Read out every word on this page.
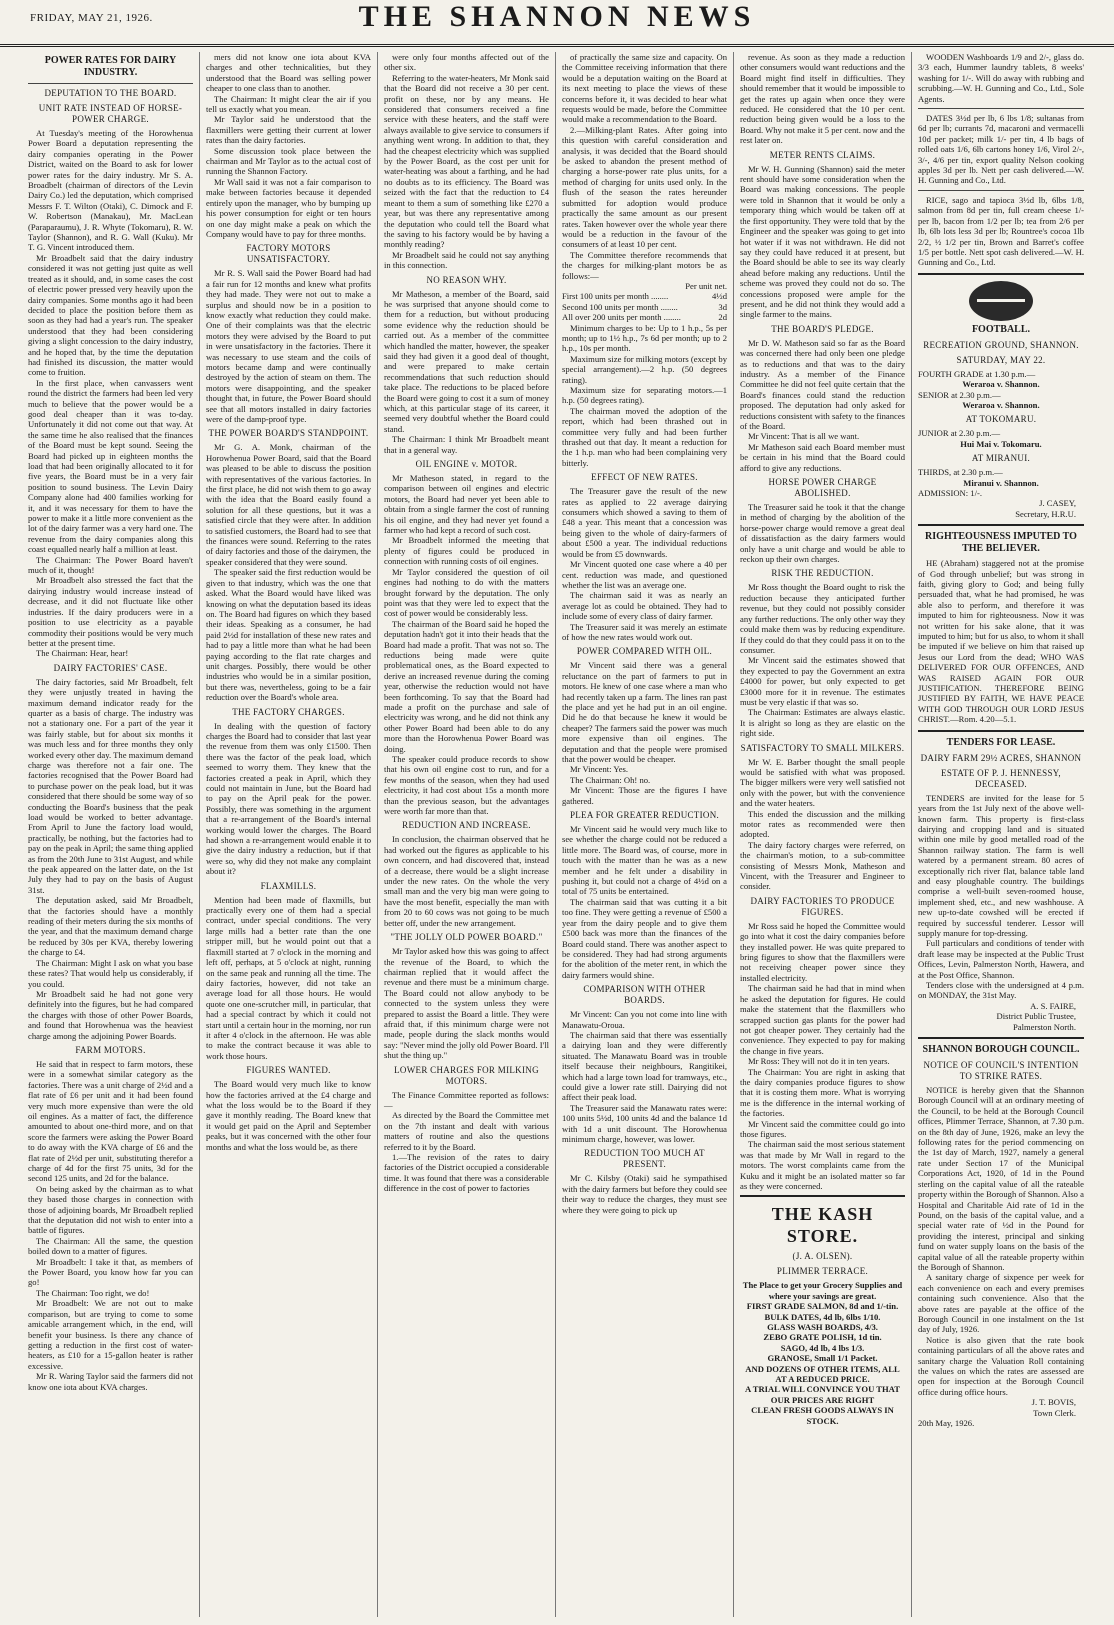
FRIDAY, MAY 21, 1926.	THE SHANNON NEWS
POWER RATES FOR DAIRY INDUSTRY.
DEPUTATION TO THE BOARD.
UNIT RATE INSTEAD OF HORSE-POWER CHARGE.

At Tuesday's meeting of the Horowhenua Power Board a deputation representing the dairy companies operating in the Power District, waited on the Board to ask for lower power rates for the dairy industry. Mr S. A. Broadbelt (chairman of directors of the Levin Dairy Co.) led the deputation, which comprised Messrs F. T. Wilton (Otaki), C. Dimock and F. W. Robertson (Manakau), Mr. MacLean (Paraparaumu), J. R. Whyte (Tokomaru), R. W. Taylor (Shannon), and R. G. Wall (Kuku). Mr T. G. Vincent introduced them.

Mr Broadbelt said that the dairy industry considered it was not getting just quite as well treated as it should, and, in some cases the cost of electric power pressed very heavily upon the dairy companies. Some months ago it had been decided to place the position before them as soon as they had had a year's run. The speaker understood that they had been considering giving a slight concession to the dairy industry, and he hoped that, by the time the deputation had finished its discussion, the matter would come to fruition.

In the first place, when canvassers went round the district the farmers had been led very much to believe that the power would be a good deal cheaper than it was to-day. Unfortunately it did not come out that way. At the same time he also realised that the finances of the Board must be kept sound. Seeing the Board had picked up in eighteen months the load that had been originally allocated to it for five years, the Board must be in a very fair position to sound business. The Levin Dairy Company alone had 400 families working for it, and it was necessary for them to have the power to make it a little more convenient as the lot of the dairy farmer was a very hard one. The revenue from the dairy companies along this coast equalled nearly half a million at least.

The Chairman: The Power Board haven't much of it, though!

Mr Broadbelt also stressed the fact that the dairying industry would increase instead of decrease, and it did not fluctuate like other industries. If the dairy producers were in a position to use electricity as a payable commodity their positions would be very much better at the present time.

The Chairman: Hear, hear!

DAIRY FACTORIES' CASE.

The dairy factories, said Mr Broadbelt, felt they were unjustly treated in having the maximum demand indicator ready for the quarter as a basis of charge. The industry was not a stationary one. For a part of the year it was fairly stable, but for about six months it was much less and for three months they only worked every other day. The maximum demand charge was therefore not a fair one. The factories recognised that the Power Board had to purchase power on the peak load, but it was considered that there should be some way of so conducting the Board's business that the peak load would be worked to better advantage. From April to June the factory load would, practically, be nothing, but the factories had to pay on the peak in April; the same thing applied as from the 20th June to 31st August, and while the peak appeared on the latter date, on the 1st July they had to pay on the basis of August 31st.

The deputation asked, said Mr Broadbelt, that the factories should have a monthly reading of their meters during the six months of the year, and that the maximum demand charge be reduced by 30s per KVA, thereby lowering the charge to £4.

The Chairman: Might I ask on what you base these rates? That would help us considerably, if you could.

Mr Broadbelt said he had not gone very definitely into the figures, but he had compared the charges with those of other Power Boards, and found that Horowhenua was the heaviest charge among the adjoining Power Boards.

FARM MOTORS.

He said that in respect to farm motors, these were in a somewhat similar category as the factories. There was a unit charge of 2½d and a flat rate of £6 per unit and it had been found very much more expensive than were the old oil engines. As a matter of fact, the difference amounted to about one-third more, and on that score the farmers were asking the Power Board to do away with the KVA charge of £6 and the flat rate of 2½d per unit, substituting therefor a charge of 4d for the first 75 units, 3d for the second 125 units, and 2d for the balance.

On being asked by the chairman as to what they based those charges in connection with those of adjoining boards, Mr Broadbelt replied that the deputation did not wish to enter into a battle of figures.

The Chairman: All the same, the question boiled down to a matter of figures.

Mr Broadbelt: I take it that, as members of the Power Board, you know how far you can go!

The Chairman: Too right, we do!

Mr Broadbelt: We are not out to make comparison, but are trying to come to some amicable arrangement which, in the end, will benefit your business. Is there any chance of getting a reduction in the first cost of water-heaters, as £10 for a 15-gallon heater is rather excessive.

Mr R. Waring Taylor said the farmers did not know one iota about KVA charges.

mers did not know one iota about KVA charges and other technicalities, but they understood that the Board was selling power cheaper to one class than to another.

The Chairman: It might clear the air if you tell us exactly what you mean.

Mr Taylor said he understood that the flaxmillers were getting their current at lower rates than the dairy factories.

Some discussion took place between the chairman and Mr Taylor as to the actual cost of running the Shannon Factory.

Mr Wall said it was not a fair comparison to make between factories because it depended entirely upon the manager, who by bumping up his power consumption for eight or ten hours on one day might make a peak on which the Company would have to pay for three months.

FACTORY MOTORS UNSATISFACTORY.

Mr R. S. Wall said the Power Board had had a fair run for 12 months and knew what profits they had made. They were not out to make a surplus and should now be in a position to know exactly what reduction they could make. One of their complaints was that the electric motors they were advised by the Board to put in were unsatisfactory in the factories. There it was necessary to use steam and the coils of motors became damp and were continually destroyed by the action of steam on them. The motors were disappointing, and the speaker thought that, in future, the Power Board should see that all motors installed in dairy factories were of the damp-proof type.

THE POWER BOARD'S STANDPOINT.

Mr G. A. Monk, chairman of the Horowhenua Power Board, said that the Board was pleased to be able to discuss the position with representatives of the various factories. In the first place, he did not wish them to go away with the idea that the Board easily found a solution for all these questions, but it was a satisfied circle that they were after. In addition to satisfied customers, the Board had to see that the finances were sound. Referring to the rates of dairy factories and those of the dairymen, the speaker considered that they were sound.

The speaker said the first reduction would be given to that industry, which was the one that asked. What the Board would have liked was knowing on what the deputation based its ideas on. The Board had figures on which they based their ideas. Speaking as a consumer, he had paid 2½d for installation of these new rates and had to pay a little more than what he had been paying according to the flat rate charges and unit charges. Possibly, there would be other industries who would be in a similar position, but there was, nevertheless, going to be a fair reduction over the Board's whole area.

THE FACTORY CHARGES.

In dealing with the question of factory charges the Board had to consider that last year the revenue from them was only £1500. Then there was the factor of the peak load, which seemed to worry them. They knew that the factories created a peak in April, which they could not maintain in June, but the Board had to pay on the April peak for the power. Possibly, there was something in the argument that a re-arrangement of the Board's internal working would lower the charges. The Board had shown a re-arrangement would enable it to give the dairy industry a reduction, but if that were so, why did they not make any complaint about it?

FLAXMILLS.

Mention had been made of flaxmills, but practically every one of them had a special contract, under special conditions. The very large mills had a better rate than the one stripper mill, but he would point out that a flaxmill started at 7 o'clock in the morning and left off, perhaps, at 5 o'clock at night, running on the same peak and running all the time. The dairy factories, however, did not take an average load for all those hours. He would quote one one-scrutcher mill, in particular, that had a special contract by which it could not start until a certain hour in the morning, nor run it after 4 o'clock in the afternoon. He was able to make the contract because it was able to work those hours.

FIGURES WANTED.

The Board would very much like to know how the factories arrived at the £4 charge and what the loss would be to the Board if they gave it monthly reading. The Board knew that it would get paid on the April and September peaks, but it was concerned with the other four months and what the loss would be, as there

were only four months affected out of the other six.

Referring to the water-heaters, Mr Monk said that the Board did not receive a 30 per cent. profit on these, nor by any means. He considered that consumers received a fine service with these heaters, and the staff were always available to give service to consumers if anything went wrong. In addition to that, they had the cheapest electricity which was supplied by the Power Board, as the cost per unit for water-heating was about a farthing, and he had no doubts as to its efficiency. The Board was seized with the fact that the reduction to £4 meant to them a sum of something like £270 a year, but was there any representative among the deputation who could tell the Board what the saving to his factory would be by having a monthly reading?

Mr Broadbelt said he could not say anything in this connection.

NO REASON WHY.

Mr Matheson, a member of the Board, said he was surprised that anyone should come to them for a reduction, but without producing some evidence why the reduction should be carried out. As a member of the committee which handled the matter, however, the speaker said they had given it a good deal of thought, and were prepared to make certain recommendations that such reduction should take place. The reductions to be placed before the Board were going to cost it a sum of money which, at this particular stage of its career, it seemed very doubtful whether the Board could stand.

The Chairman: I think Mr Broadbelt meant that in a general way.

OIL ENGINE v. MOTOR.

Mr Matheson stated, in regard to the comparison between oil engines and electric motors, the Board had never yet been able to obtain from a single farmer the cost of running his oil engine, and they had never yet found a farmer who had kept a record of such cost.

Mr Broadbelt informed the meeting that plenty of figures could be produced in connection with running costs of oil engines.

Mr Taylor considered the question of oil engines had nothing to do with the matters brought forward by the deputation. The only point was that they were led to expect that the cost of power would be considerably less.

The chairman of the Board said he hoped the deputation hadn't got it into their heads that the Board had made a profit. That was not so. The reductions being made were quite problematical ones, as the Board expected to derive an increased revenue during the coming year, otherwise the reduction would not have been forthcoming. To say that the Board had made a profit on the purchase and sale of electricity was wrong, and he did not think any other Power Board had been able to do any more than the Horowhenua Power Board was doing.

The speaker could produce records to show that his own oil engine cost to run, and for a few months of the season, when they had used electricity, it had cost about 15s a month more than the previous season, but the advantages were worth far more than that.

REDUCTION AND INCREASE.

In conclusion, the chairman observed that he had worked out the figures as applicable to his own concern, and had discovered that, instead of a decrease, there would be a slight increase under the new rates. On the whole the very small man and the very big man were going to have the most benefit, especially the man with from 20 to 60 cows was not going to be much better off, under the new arrangement.

"THE JOLLY OLD POWER BOARD."

Mr Taylor asked how this was going to affect the revenue of the Board, to which the chairman replied that it would affect the revenue and there must be a minimum charge. The Board could not allow anybody to be connected to the system unless they were prepared to assist the Board a little. They were afraid that, if this minimum charge were not made, people during the slack months would say: "Never mind the jolly old Power Board. I'll shut the thing up."

LOWER CHARGES FOR MILKING MOTORS.

The Finance Committee reported as follows:—

As directed by the Board the Committee met on the 7th instant and dealt with various matters of routine and also the questions referred to it by the Board.

1.—The revision of the rates to dairy factories of the District occupied a considerable time. It was found that there was a considerable difference in the cost of power to factories

of practically the same size and capacity. On the Committee receiving information that there would be a deputation waiting on the Board at its next meeting to place the views of these concerns before it, it was decided to hear what requests would be made, before the Committee would make a recommendation to the Board.

2.—Milking-plant Rates. After going into this question with careful consideration and analysis, it was decided that the Board should be asked to abandon the present method of charging a horse-power rate plus units, for a method of charging for units used only. In the flush of the season the rates hereunder submitted for adoption would produce practically the same amount as our present rates. Taken however over the whole year there would be a reduction in the favour of the consumers of at least 10 per cent.

The Committee therefore recommends that the charges for milking-plant motors be as follows:—

Per unit net.
First 100 units per month ........	4½d
Second 100 units per month ........	3d
All over 200 units per month ........	2d

Minimum charges to be: Up to 1 h.p., 5s per month; up to 1½ h.p., 7s 6d per month; up to 2 h.p., 10s per month.

Maximum size for milking motors (except by special arrangement).—2 h.p. (50 degrees rating).

Maximum size for separating motors.—1 h.p. (50 degrees rating).

The chairman moved the adoption of the report, which had been thrashed out in committee very fully and had been further thrashed out that day. It meant a reduction for the 1 h.p. man who had been complaining very bitterly.

EFFECT OF NEW RATES.

The Treasurer gave the result of the new rates as applied to 22 average dairying consumers which showed a saving to them of £48 a year. This meant that a concession was being given to the whole of dairy-farmers of about £500 a year. The individual reductions would be from £5 downwards.

Mr Vincent quoted one case where a 40 per cent. reduction was made, and questioned whether the list was an average one.

The chairman said it was as nearly an average lot as could be obtained. They had to include some of every class of dairy farmer.

The Treasurer said it was merely an estimate of how the new rates would work out.

POWER COMPARED WITH OIL.

Mr Vincent said there was a general reluctance on the part of farmers to put in motors. He knew of one case where a man who had recently taken up a farm. The lines ran past the place and yet he had put in an oil engine. Did he do that because he knew it would be cheaper? The farmers said the power was much more expensive than oil engines. The deputation and that the people were promised that the power would be cheaper.

Mr Vincent: Yes.

The Chairman: Oh! no.

Mr Vincent: Those are the figures I have gathered.

PLEA FOR GREATER REDUCTION.

Mr Vincent said he would very much like to see whether the charge could not be reduced a little more. The Board was, of course, more in touch with the matter than he was as a new member and he felt under a disability in pushing it, but could not a charge of 4½d on a total of 75 units be entertained.

The chairman said that was cutting it a bit too fine. They were getting a revenue of £500 a year from the dairy people and to give them £500 back was more than the finances of the Board could stand. There was another aspect to be considered. They had had strong arguments for the abolition of the meter rent, in which the dairy farmers would shine.

COMPARISON WITH OTHER BOARDS.

Mr Vincent: Can you not come into line with Manawatu-Oroua.

The chairman said that there was essentially a dairying loan and they were differently situated. The Manawatu Board was in trouble itself because their neighbours, Rangitikei, which had a large town load for tramways, etc., could give a lower rate still. Dairying did not affect their peak load.

The Treasurer said the Manawatu rates were: 100 units 5½d, 100 units 4d and the balance 1d with 1d a unit discount. The Horowhenua minimum charge, however, was lower.

REDUCTION TOO MUCH AT PRESENT.

Mr C. Kilsby (Otaki) said he sympathised with the dairy farmers but before they could see their way to reduce the charges, they must see where they were going to pick up

revenue. As soon as they made a reduction other consumers would want reductions and the Board might find itself in difficulties. They should remember that it would be impossible to get the rates up again when once they were reduced. He considered that the 10 per cent. reduction being given would be a loss to the Board. Why not make it 5 per cent. now and the rest later on.

METER RENTS CLAIMS.

Mr W. H. Gunning (Shannon) said the meter rent should have some consideration when the Board was making concessions. The people were told in Shannon that it would be only a temporary thing which would be taken off at the first opportunity. They were told that by the Engineer and the speaker was going to get into hot water if it was not withdrawn. He did not say they could have reduced it at present, but the Board should be able to see its way clearly ahead before making any reductions. Until the scheme was proved they could not do so. The concessions proposed were ample for the present, and he did not think they would add a single farmer to the mains.

THE BOARD'S PLEDGE.

Mr D. W. Matheson said so far as the Board was concerned there had only been one pledge as to reductions and that was to the dairy industry. As a member of the Finance Committee he did not feel quite certain that the Board's finances could stand the reduction proposed. The deputation had only asked for reductions consistent with safety to the finances of the Board.

Mr Vincent: That is all we want.

Mr Matheson said each Board member must be certain in his mind that the Board could afford to give any reductions.

HORSE POWER CHARGE ABOLISHED.

The Treasurer said he took it that the change in method of charging by the abolition of the horse-power charge would remove a great deal of dissatisfaction as the dairy farmers would only have a unit charge and would be able to reckon up their own charges.

RISK THE REDUCTION.

Mr Ross thought the Board ought to risk the reduction because they anticipated further revenue, but they could not possibly consider any further reductions. The only other way they could make them was by reducing expenditure. If they could do that they could pass it on to the consumer.

Mr Vincent said the estimates showed that they expected to pay the Government an extra £4000 for power, but only expected to get £3000 more for it in revenue. The estimates must be very elastic if that was so.

The Chairman: Estimates are always elastic. It is alright so long as they are elastic on the right side.

SATISFACTORY TO SMALL MILKERS.

Mr W. E. Barber thought the small people would be satisfied with what was proposed. The bigger milkers were very well satisfied not only with the power, but with the convenience and the water heaters.

This ended the discussion and the milking motor rates as recommended were then adopted.

The dairy factory charges were referred, on the chairman's motion, to a sub-committee consisting of Messrs Monk, Matheson and Vincent, with the Treasurer and Engineer to consider.

DAIRY FACTORIES TO PRODUCE FIGURES.

Mr Ross said he hoped the Committee would go into what it cost the dairy companies before they installed power. He was quite prepared to bring figures to show that the flaxmillers were not receiving cheaper power since they installed electricity.

The chairman said he had that in mind when he asked the deputation for figures. He could make the statement that the flaxmillers who scrapped suction gas plants for the power had not got cheaper power. They certainly had the convenience. They expected to pay for making the change in five years.

Mr Ross: They will not do it in ten years.

The Chairman: You are right in asking that the dairy companies produce figures to show that it is costing them more. What is worrying me is the difference in the internal working of the factories.

Mr Vincent said the committee could go into those figures.

The chairman said the most serious statement was that made by Mr Wall in regard to the motors. The worst complaints came from the Kuku and it might be an isolated matter so far as they were concerned.

THE KASH STORE.
(J. A. OLSEN).
PLIMMER TERRACE.
The Place to get your Grocery Supplies and where your savings are great.
FIRST GRADE SALMON, 8d and 1/-tin.
BULK DATES, 4d lb, 6lbs 1/10.
GLASS WASH BOARDS, 4/3.
ZEBO GRATE POLISH, 1d tin.
SAGO, 4d lb, 4 lbs 1/3.
GRANOSE, Small 1/1 Packet.
AND DOZENS OF OTHER ITEMS, ALL AT A REDUCED PRICE.
A TRIAL WILL CONVINCE YOU THAT OUR PRICES ARE RIGHT
CLEAN FRESH GOODS ALWAYS IN STOCK.

WOODEN Washboards 1/9 and 2/-, glass do. 3/3 each, Hummer laundry tablets, 8 weeks' washing for 1/-. Will do away with rubbing and scrubbing.—W. H. Gunning and Co., Ltd., Sole Agents.

DATES 3½d per lb, 6 lbs 1/8; sultanas from 6d per lb; currants 7d, macaroni and vermacelli 10d per packet; milk 1/- per tin, 4 lb bags of rolled oats 1/6, 6lb cartons honey 1/6, Virol 2/-, 3/-, 4/6 per tin, export quality Nelson cooking apples 3d per lb. Nett per cash delivered.—W. H. Gunning and Co., Ltd.

RICE, sago and tapioca 3½d lb, 6lbs 1/8, salmon from 8d per tin, full cream cheese 1/- per lb, bacon from 1/2 per lb; tea from 2/6 per lb, 6lb lots less 3d per lb; Rountree's cocoa 1lb 2/2, ½ 1/2 per tin, Brown and Barret's coffee 1/5 per bottle. Nett spot cash delivered.—W. H. Gunning and Co., Ltd.

FOOTBALL.
RECREATION GROUND, SHANNON.
SATURDAY, MAY 22.
FOURTH GRADE at 1.30 p.m.—
Weraroa v. Shannon.
SENIOR at 2.30 p.m.—
Weraroa v. Shannon.
AT TOKOMARU.
JUNIOR at 2.30 p.m.—
Hui Mai v. Tokomaru.
AT MIRANUI.
THIRDS, at 2.30 p.m.—
Miranui v. Shannon.
ADMISSION: 1/-.
J. CASEY,
Secretary, H.R.U.
RIGHTEOUSNESS IMPUTED TO THE BELIEVER.

HE (Abraham) staggered not at the promise of God through unbelief; but was strong in faith, giving glory to God; and being fully persuaded that, what he had promised, he was able also to perform, and therefore it was imputed to him for righteousness. Now it was not written for his sake alone, that it was imputed to him; but for us also, to whom it shall be imputed if we believe on him that raised up Jesus our Lord from the dead; WHO WAS DELIVERED FOR OUR OFFENCES, AND WAS RAISED AGAIN FOR OUR JUSTIFICATION. THEREFORE BEING JUSTIFIED BY FAITH, WE HAVE PEACE WITH GOD THROUGH OUR LORD JESUS CHRIST.—Rom. 4.20—5.1.

TENDERS FOR LEASE.
DAIRY FARM 29½ ACRES, SHANNON
ESTATE OF P. J. HENNESSY, DECEASED.

TENDERS are invited for the lease for 5 years from the 1st July next of the above well-known farm. This property is first-class dairying and cropping land and is situated within one mile by good metalled road of the Shannon railway station. The farm is well watered by a permanent stream. 80 acres of exceptionally rich river flat, balance table land and easy ploughable country. The buildings comprise a well-built seven-roomed house, implement shed, etc., and new washhouse. A new up-to-date cowshed will be erected if required by successful tenderer. Lessor will supply manure for top-dressing.

Full particulars and conditions of tender with draft lease may be inspected at the Public Trust Offices, Levin, Palmerston North, Hawera, and at the Post Office, Shannon.

Tenders close with the undersigned at 4 p.m. on MONDAY, the 31st May.

A. S. FAIRE,
District Public Trustee,
Palmerston North.
SHANNON BOROUGH COUNCIL.
NOTICE OF COUNCIL'S INTENTION TO STRIKE RATES.

NOTICE is hereby given that the Shannon Borough Council will at an ordinary meeting of the Council, to be held at the Borough Council offices, Plimmer Terrace, Shannon, at 7.30 p.m. on the 8th day of June, 1926, make an levy the following rates for the period commencing on the 1st day of March, 1927, namely a general rate under Section 17 of the Municipal Corporations Act, 1920, of 1d in the Pound sterling on the capital value of all the rateable property within the Borough of Shannon. Also a Hospital and Charitable Aid rate of 1d in the Pound, on the basis of the capital value, and a special water rate of ½d in the Pound for providing the interest, principal and sinking fund on water supply loans on the basis of the capital value of all the rateable property within the Borough of Shannon.

A sanitary charge of sixpence per week for each convenience on each and every premises containing such convenience. Also that the above rates are payable at the office of the Borough Council in one instalment on the 1st day of July, 1926.

Notice is also given that the rate book containing particulars of all the above rates and sanitary charge the Valuation Roll containing the values on which the rates are assessed are open for inspection at the Borough Council office during office hours.

J. T. BOVIS,
Town Clerk.
20th May, 1926.
